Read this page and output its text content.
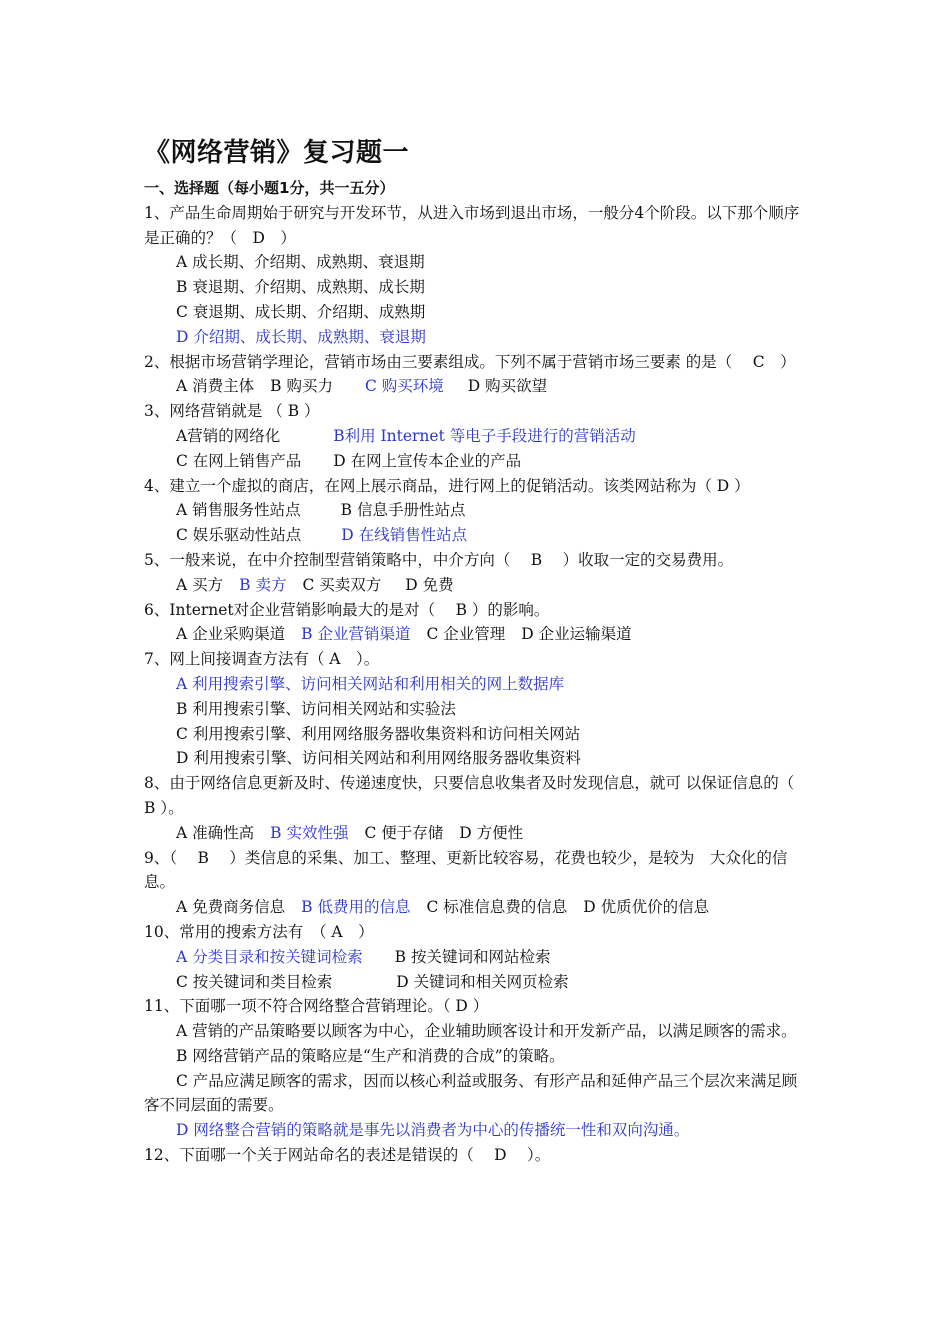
《网络营销》复习题一
一、选择题（每小题1分，共一五分）
1、产品生命周期始于研究与开发环节，从进入市场到退出市场，一般分4个阶段。以下那个顺序是正确的？（　D　）
A 成长期、介绍期、成熟期、衰退期
B 衰退期、介绍期、成熟期、成长期
C 衰退期、成长期、介绍期、成熟期
D 介绍期、成长期、成熟期、衰退期
2、根据市场营销学理论，营销市场由三要素组成。下列不属于营销市场三要素 的是（　 C　）
A 消费主体 B 购买力 C 购买环境 D 购买欲望
3、网络营销就是 （ B ）
A营销的网络化	B利用 Internet 等电子手段进行的营销活动
C 在网上销售产品 D 在网上宣传本企业的产品
4、建立一个虚拟的商店，在网上展示商品，进行网上的促销活动。该类网站称为（ D ）
A 销售服务性站点	B 信息手册性站点
C 娱乐驱动性站点	D 在线销售性站点
5、一般来说，在中介控制型营销策略中，中介方向（　 B　 ）收取一定的交易费用。
A 买方 B 卖方 C 买卖双方 D 免费
6、Internet对企业营销影响最大的是对（　 B ）的影响。
A 企业采购渠道 B 企业营销渠道 C 企业管理 D 企业运输渠道
7、网上间接调查方法有（ A　）。
A 利用搜索引擎、访问相关网站和利用相关的网上数据库
B 利用搜索引擎、访问相关网站和实验法
C 利用搜索引擎、利用网络服务器收集资料和访问相关网站
D 利用搜索引擎、访问相关网站和利用网络服务器收集资料
8、由于网络信息更新及时、传递速度快，只要信息收集者及时发现信息，就可 以保证信息的（　B ）。
A 准确性高 B 实效性强 C 便于存储 D 方便性
9、（　 B　 ）类信息的采集、加工、整理、更新比较容易，花费也较少，是较为　大众化的信息。
A 免费商务信息 B 低费用的信息 C 标准信息费的信息 D 优质优价的信息
10、常用的搜索方法有　（ A　）
A 分类目录和按关键词检索 B 按关键词和网站检索
C 按关键词和类目检索	D 关键词和相关网页检索
11、下面哪一项不符合网络整合营销理论。（ D ）
A 营销的产品策略要以顾客为中心，企业辅助顾客设计和开发新产品，以满足顾客的需求。
B 网络营销产品的策略应是“生产和消费的合成”的策略。
C 产品应满足顾客的需求，因而以核心利益或服务、有形产品和延伸产品三个层次来满足顾客不同层面的需要。
D 网络整合营销的策略就是事先以消费者为中心的传播统一性和双向沟通。
12、下面哪一个关于网站命名的表述是错误的（　 D　 ）。
